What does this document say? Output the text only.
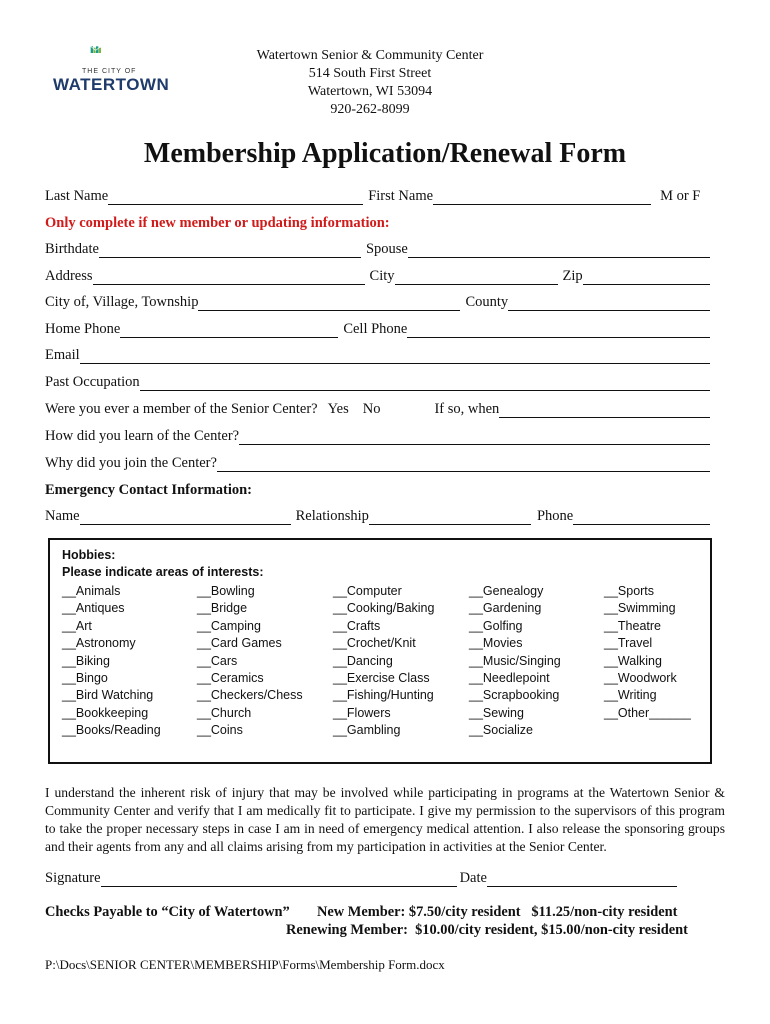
THE CITY OF
WATERTOWN
Watertown Senior & Community Center
514 South First Street
Watertown, WI 53094
920-262-8099
Membership Application/Renewal Form
Last Name	First Name	M or F
Only complete if new member or updating information:
Birthdate	Spouse
Address	City	Zip
City of, Village, Township	County
Home Phone	Cell Phone
Email
Past Occupation
Were you ever a member of the Senior Center? Yes No	If so, when
How did you learn of the Center?
Why did you join the Center?
Emergency Contact Information:
Name	Relationship	Phone
Hobbies:
Please indicate areas of interests:
__Animals
__Antiques
__Art
__Astronomy
__Biking
__Bingo
__Bird Watching
__Bookkeeping
__Books/Reading
__Bowling
__Bridge
__Camping
__Card Games
__Cars
__Ceramics
__Checkers/Chess
__Church
__Coins
__Computer
__Cooking/Baking
__Crafts
__Crochet/Knit
__Dancing
__Exercise Class
__Fishing/Hunting
__Flowers
__Gambling
__Genealogy
__Gardening
__Golfing
__Movies
__Music/Singing
__Needlepoint
__Scrapbooking
__Sewing
__Socialize
__Sports
__Swimming
__Theatre
__Travel
__Walking
__Woodwork
__Writing
__Other______
I understand the inherent risk of injury that may be involved while participating in programs at the Watertown Senior & Community Center and verify that I am medically fit to participate. I give my permission to the supervisors of this program to take the proper necessary steps in case I am in need of emergency medical attention. I also release the sponsoring groups and their agents from any and all claims arising from my participation in activities at the Senior Center.
Signature	Date
Checks Payable to “City of Watertown” New Member: $7.50/city resident   $11.25/non-city resident
Renewing Member:  $10.00/city resident, $15.00/non-city resident
P:\Docs\SENIOR CENTER\MEMBERSHIP\Forms\Membership Form.docx
